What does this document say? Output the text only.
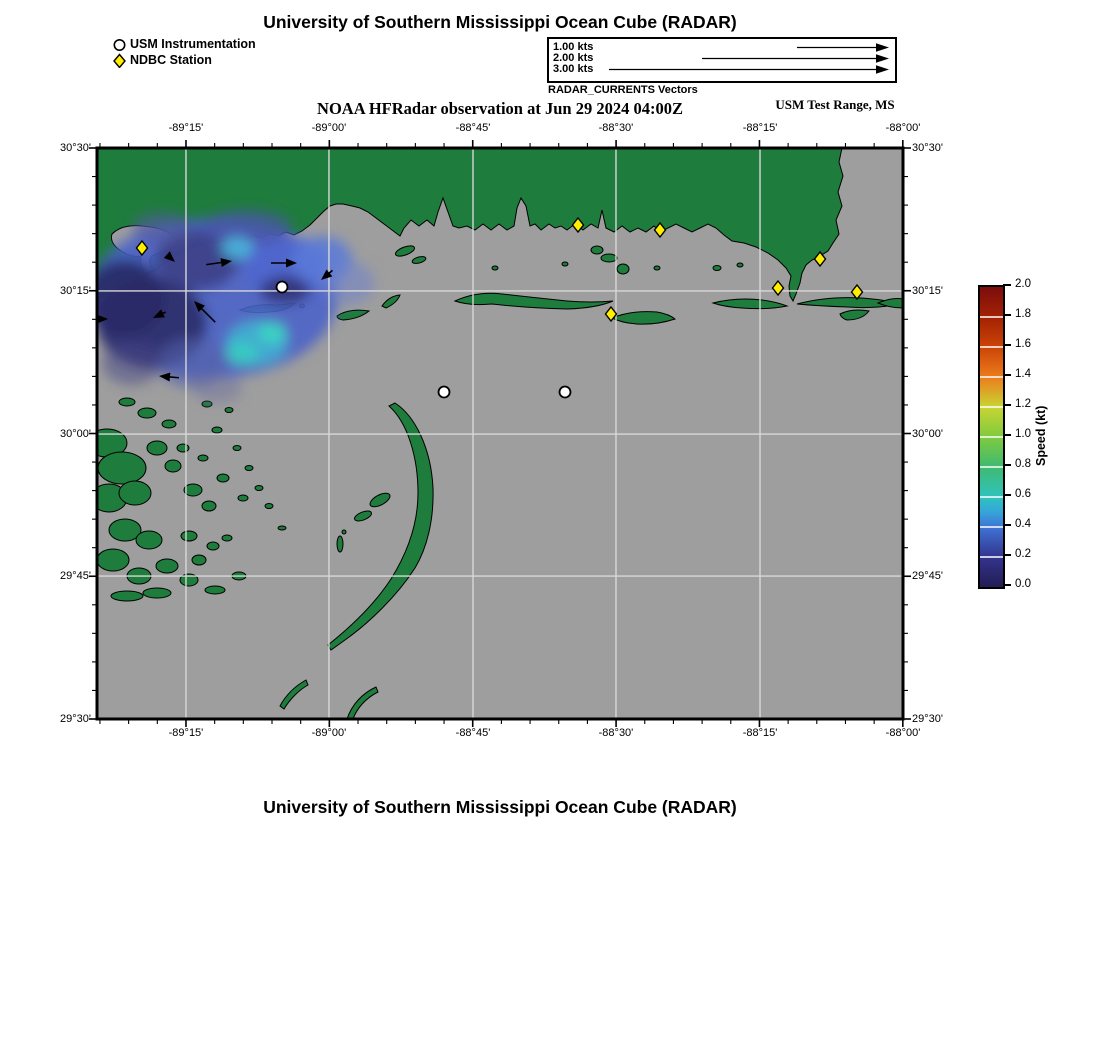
University of Southern Mississippi Ocean Cube (RADAR)
University of Southern Mississippi Ocean Cube (RADAR)
USM Instrumentation
NDBC Station
1.00 kts
2.00 kts
3.00 kts
RADAR_CURRENTS Vectors
NOAA HFRadar observation at Jun 29 2024 04:00Z	USM Test Range, MS
-89°15'	-89°00'	-88°45'	-88°30'	-88°15'	-88°00'
-89°15'	-89°00'	-88°45'	-88°30'	-88°15'	-88°00'
30°30'
30°15'
30°00'
29°45'
29°30'
30°30'
30°15'
30°00'
29°45'
29°30'
2.0
1.8
1.6
1.4
1.2
1.0
0.8
0.6
0.4
0.2
0.0
Speed (kt)
